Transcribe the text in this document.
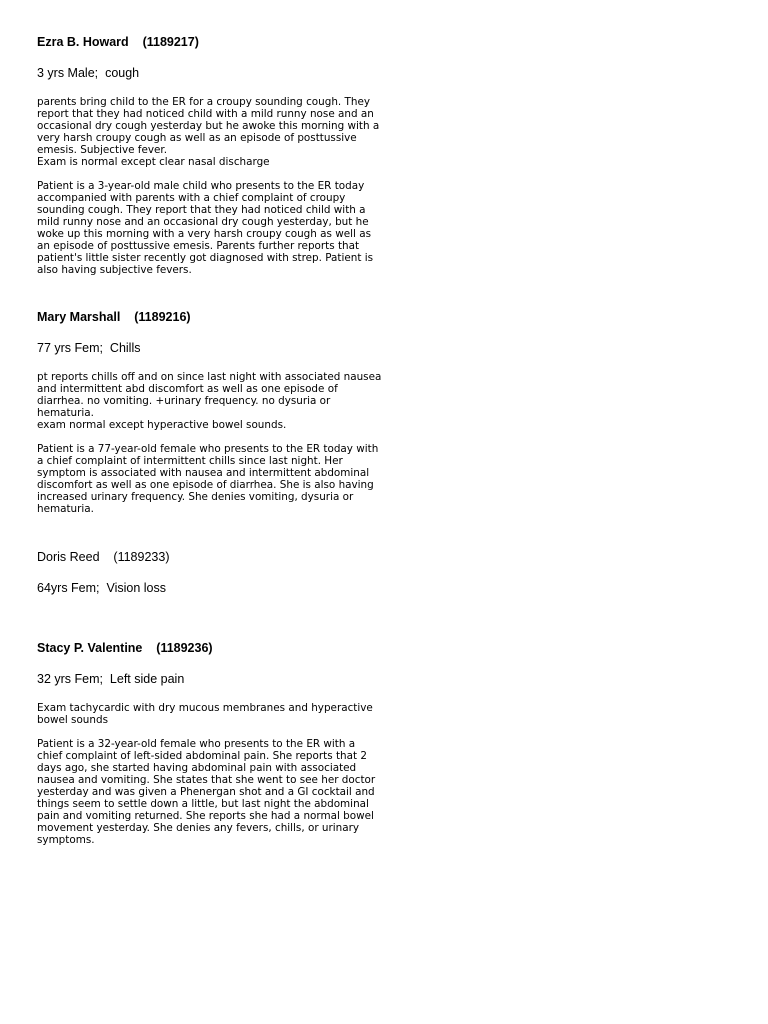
Ezra B. Howard    (1189217)
3 yrs Male;  cough
parents bring child to the ER for a croupy sounding cough. They
report that they had noticed child with a mild runny nose and an
occasional dry cough yesterday but he awoke this morning with a
very harsh croupy cough as well as an episode of posttussive
emesis. Subjective fever.
Exam is normal except clear nasal discharge
Patient is a 3-year-old male child who presents to the ER today
accompanied with parents with a chief complaint of croupy
sounding cough. They report that they had noticed child with a
mild runny nose and an occasional dry cough yesterday, but he
woke up this morning with a very harsh croupy cough as well as
an episode of posttussive emesis. Parents further reports that
patient's little sister recently got diagnosed with strep. Patient is
also having subjective fevers.
Mary Marshall    (1189216)
77 yrs Fem;  Chills
pt reports chills off and on since last night with associated nausea
and intermittent abd discomfort as well as one episode of
diarrhea. no vomiting. +urinary frequency. no dysuria or
hematuria.
exam normal except hyperactive bowel sounds.
Patient is a 77-year-old female who presents to the ER today with
a chief complaint of intermittent chills since last night. Her
symptom is associated with nausea and intermittent abdominal
discomfort as well as one episode of diarrhea. She is also having
increased urinary frequency. She denies vomiting, dysuria or
hematuria.
Doris Reed    (1189233)
64yrs Fem;  Vision loss
Stacy P. Valentine    (1189236)
32 yrs Fem;  Left side pain
Exam tachycardic with dry mucous membranes and hyperactive
bowel sounds
Patient is a 32-year-old female who presents to the ER with a
chief complaint of left-sided abdominal pain. She reports that 2
days ago, she started having abdominal pain with associated
nausea and vomiting. She states that she went to see her doctor
yesterday and was given a Phenergan shot and a GI cocktail and
things seem to settle down a little, but last night the abdominal
pain and vomiting returned. She reports she had a normal bowel
movement yesterday. She denies any fevers, chills, or urinary
symptoms.
